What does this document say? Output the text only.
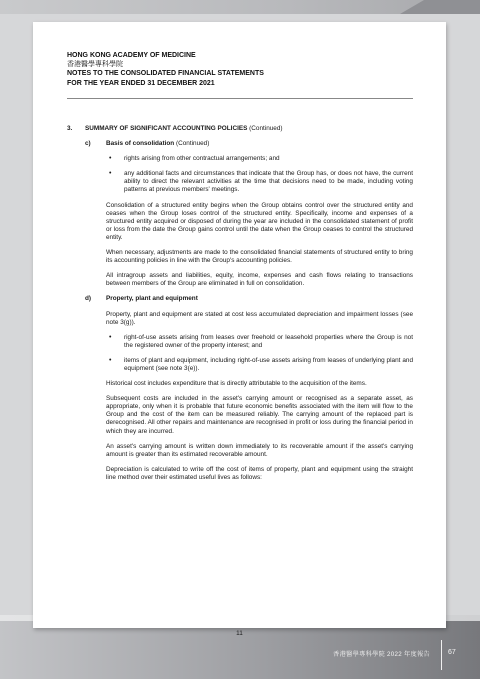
HONG KONG ACADEMY OF MEDICINE
香港醫學專科學院
NOTES TO THE CONSOLIDATED FINANCIAL STATEMENTS
FOR THE YEAR ENDED 31 DECEMBER 2021
3.	SUMMARY OF SIGNIFICANT ACCOUNTING POLICIES (Continued)
c)	Basis of consolidation (Continued)
•	rights arising from other contractual arrangements; and
•	any additional facts and circumstances that indicate that the Group has, or does not have, the current ability to direct the relevant activities at the time that decisions need to be made, including voting patterns at previous members' meetings.

Consolidation of a structured entity begins when the Group obtains control over the structured entity and ceases when the Group loses control of the structured entity. Specifically, income and expenses of a structured entity acquired or disposed of during the year are included in the consolidated statement of profit or loss from the date the Group gains control until the date when the Group ceases to control the structured entity.

When necessary, adjustments are made to the consolidated financial statements of structured entity to bring its accounting policies in line with the Group's accounting policies.

All intragroup assets and liabilities, equity, income, expenses and cash flows relating to transactions between members of the Group are eliminated in full on consolidation.

d)	Property, plant and equipment

Property, plant and equipment are stated at cost less accumulated depreciation and impairment losses (see note 3(g)).

•	right-of-use assets arising from leases over freehold or leasehold properties where the Group is not the registered owner of the property interest; and
•	items of plant and equipment, including right-of-use assets arising from leases of underlying plant and equipment (see note 3(e)).

Historical cost includes expenditure that is directly attributable to the acquisition of the items.

Subsequent costs are included in the asset's carrying amount or recognised as a separate asset, as appropriate, only when it is probable that future economic benefits associated with the item will flow to the Group and the cost of the item can be measured reliably. The carrying amount of the replaced part is derecognised. All other repairs and maintenance are recognised in profit or loss during the financial period in which they are incurred.

An asset's carrying amount is written down immediately to its recoverable amount if the asset's carrying amount is greater than its estimated recoverable amount.

Depreciation is calculated to write off the cost of items of property, plant and equipment using the straight line method over their estimated useful lives as follows:

11
香港醫學專科學院 2022 年度報告	67
